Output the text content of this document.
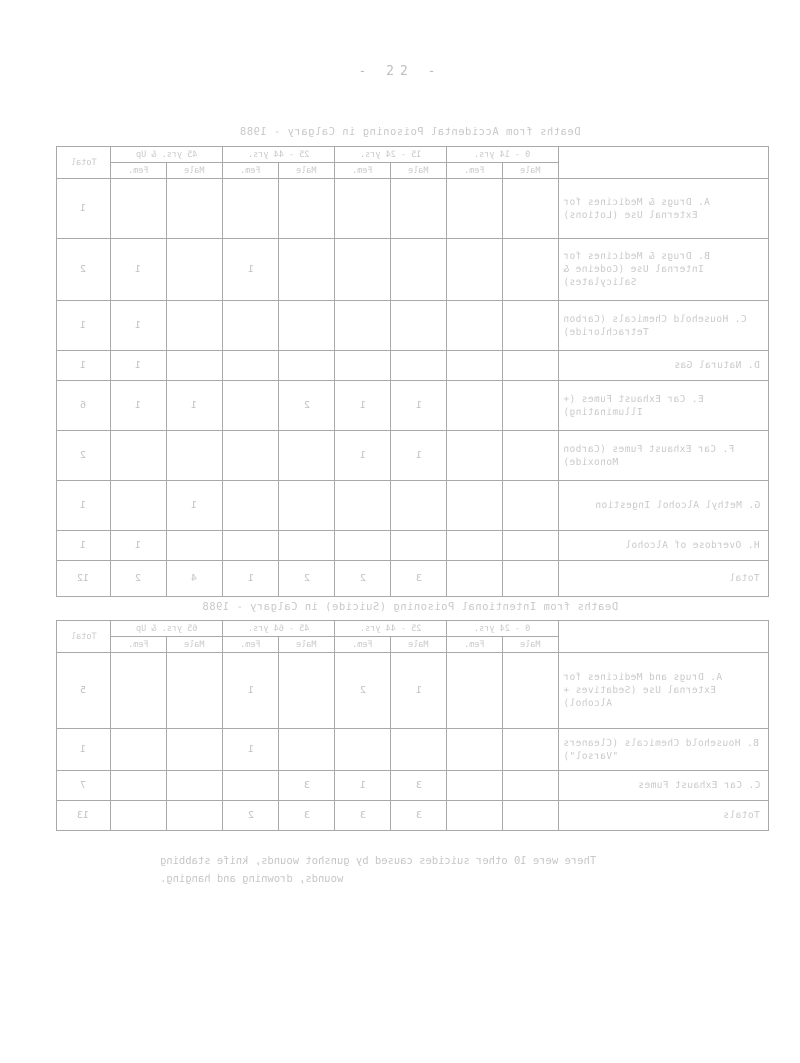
- 22 -
Deaths from Accidental Poisoning in Calgary - 1988
Total	45 yrs. & Up		25 - 44 yrs.		15 - 24 yrs.		0 - 14 yrs.		
	Fem.	Male	Fem.	Male	Fem.	Male	Fem.	Male	
1									A. Drugs & Medicines for External Use (Lotions)
2	1		1						B. Drugs & Medicines for Internal Use (Codeine & Salicylates)
1	1								C. Household Chemicals (Carbon Tetrachloride)
1	1								D. Natural Gas
6	1	1		2	1	1			E. Car Exhaust Fumes (+ Illuminating)
2					1	1			F. Car Exhaust Fumes (Carbon Monoxide)
1		1							G. Methyl Alcohol Ingestion
1	1								H. Overdose of Alcohol
12	2	4	1	2	2	3			Total
Deaths from Intentional Poisoning (Suicide) in Calgary - 1988
Total	65 yrs. & Up		45 - 64 yrs.		25 - 44 yrs.		0 - 24 yrs.		
	Fem.	Male	Fem.	Male	Fem.	Male	Fem.	Male	
5			1		2	1			A. Drugs and Medicines for External Use (Sedatives + Alcohol)
1			1						B. Household Chemicals (Cleaners "Varsol")
7				3	1	3			C. Car Exhaust Fumes
13			2	3	3	3			Totals
There were 10 other suicides caused by gunshot wounds, knife stabbing
wounds, drowning and hanging.
